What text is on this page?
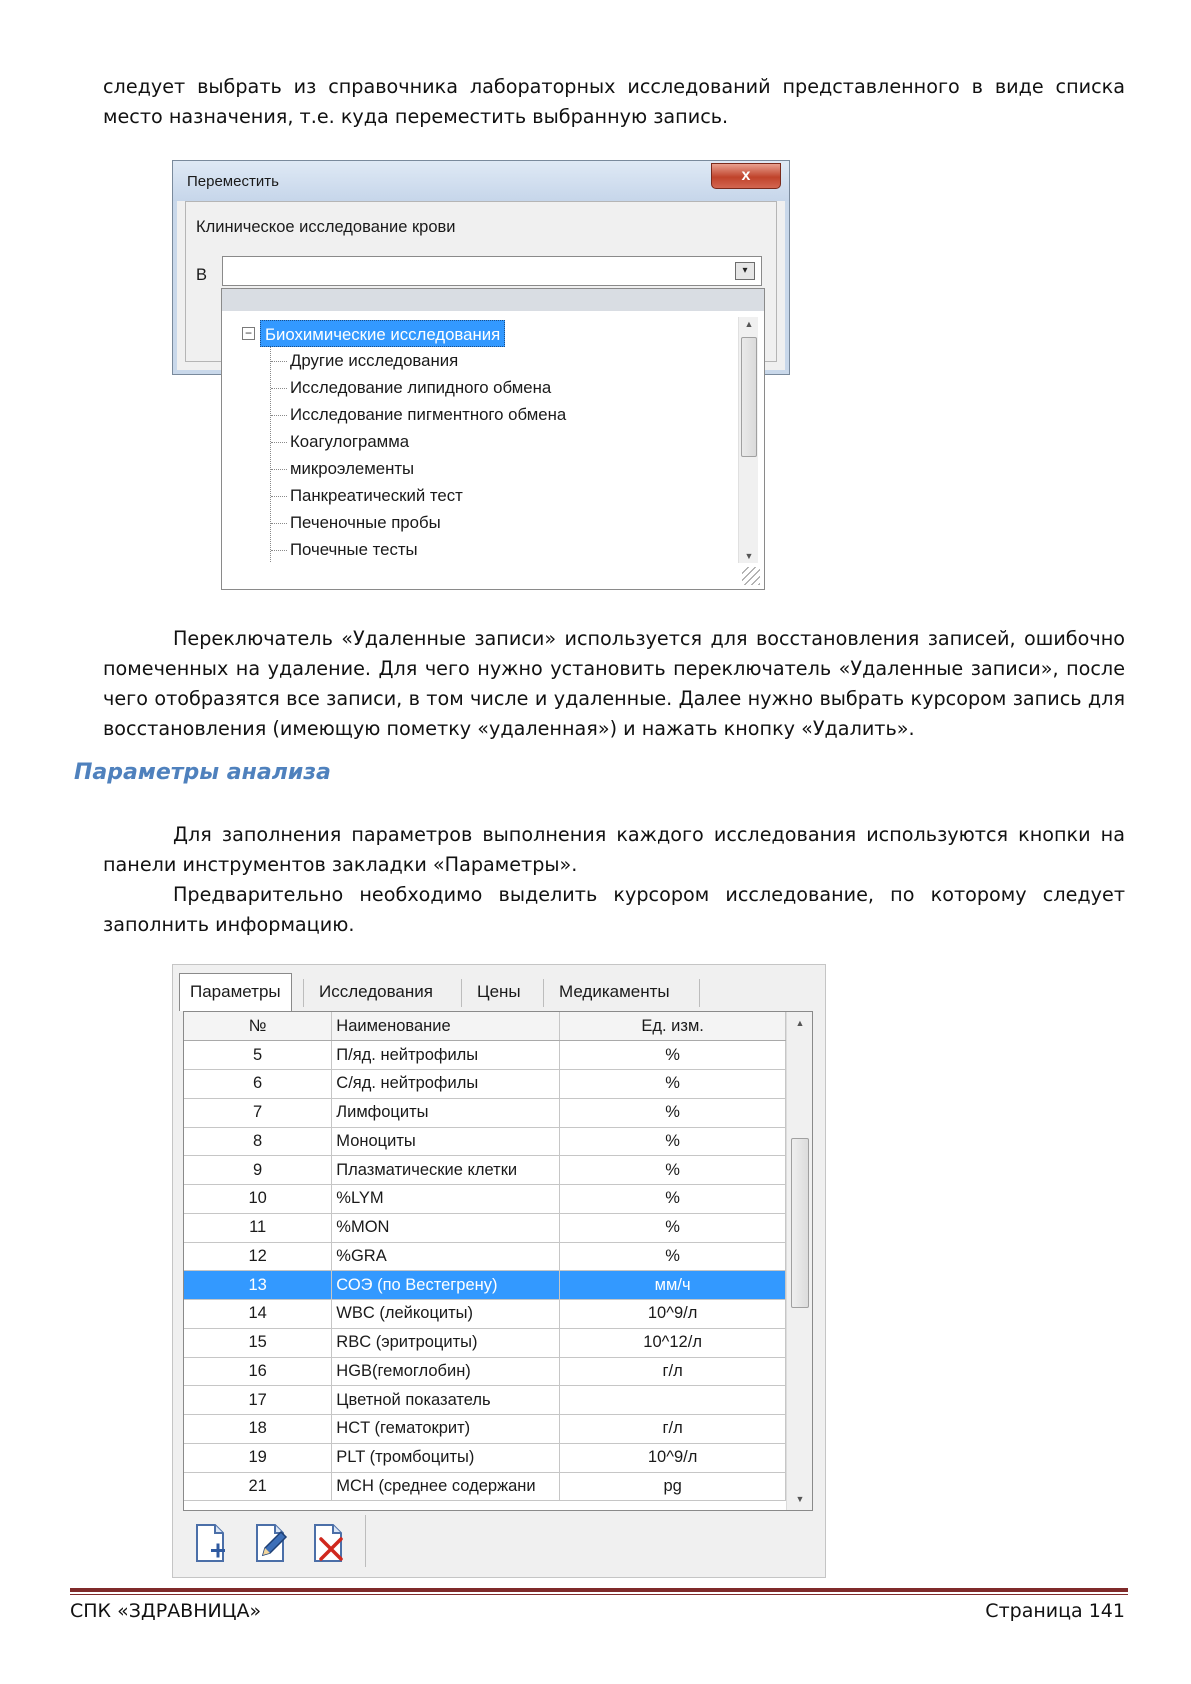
следует выбрать из справочника лабораторных исследований представленного в виде списка место назначения, т.е. куда переместить выбранную запись.
Переместить	x
Клиническое исследование крови
В	▾
− Биохимические исследования
Другие исследования
Исследование липидного обмена
Исследование пигментного обмена
Коагулограмма
микроэлементы
Панкреатический тест
Печеночные пробы
Почечные тесты
▲
▼
Переключатель «Удаленные записи» используется для восстановления записей, ошибочно помеченных на удаление. Для чего нужно установить переключатель «Удаленные записи», после чего отобразятся все записи, в том числе и удаленные. Далее нужно выбрать курсором запись для восстановления (имеющую пометку «удаленная») и нажать кнопку «Удалить».
Параметры анализа
Для заполнения параметров выполнения каждого исследования используются кнопки на панели инструментов закладки «Параметры».
Предварительно необходимо выделить курсором исследование, по которому следует заполнить информацию.
Параметры	Исследования	Цены	Медикаменты
№	Наименование	Ед. изм.
5	П/яд. нейтрофилы	%
6	С/яд. нейтрофилы	%
7	Лимфоциты	%
8	Моноциты	%
9	Плазматические клетки	%
10	%LYM	%
11	%MON	%
12	%GRA	%
13	СОЭ (по Вестегрену)	мм/ч
14	WBC (лейкоциты)	10^9/л
15	RBC (эритроциты)	10^12/л
16	HGB(гемоглобин)	г/л
17	Цветной показатель	
18	HCT (гематокрит)	г/л
19	PLT (тромбоциты)	10^9/л
21	MCH (среднее содержани	pg
▲
▼
СПК «ЗДРАВНИЦА»	Страница 141
